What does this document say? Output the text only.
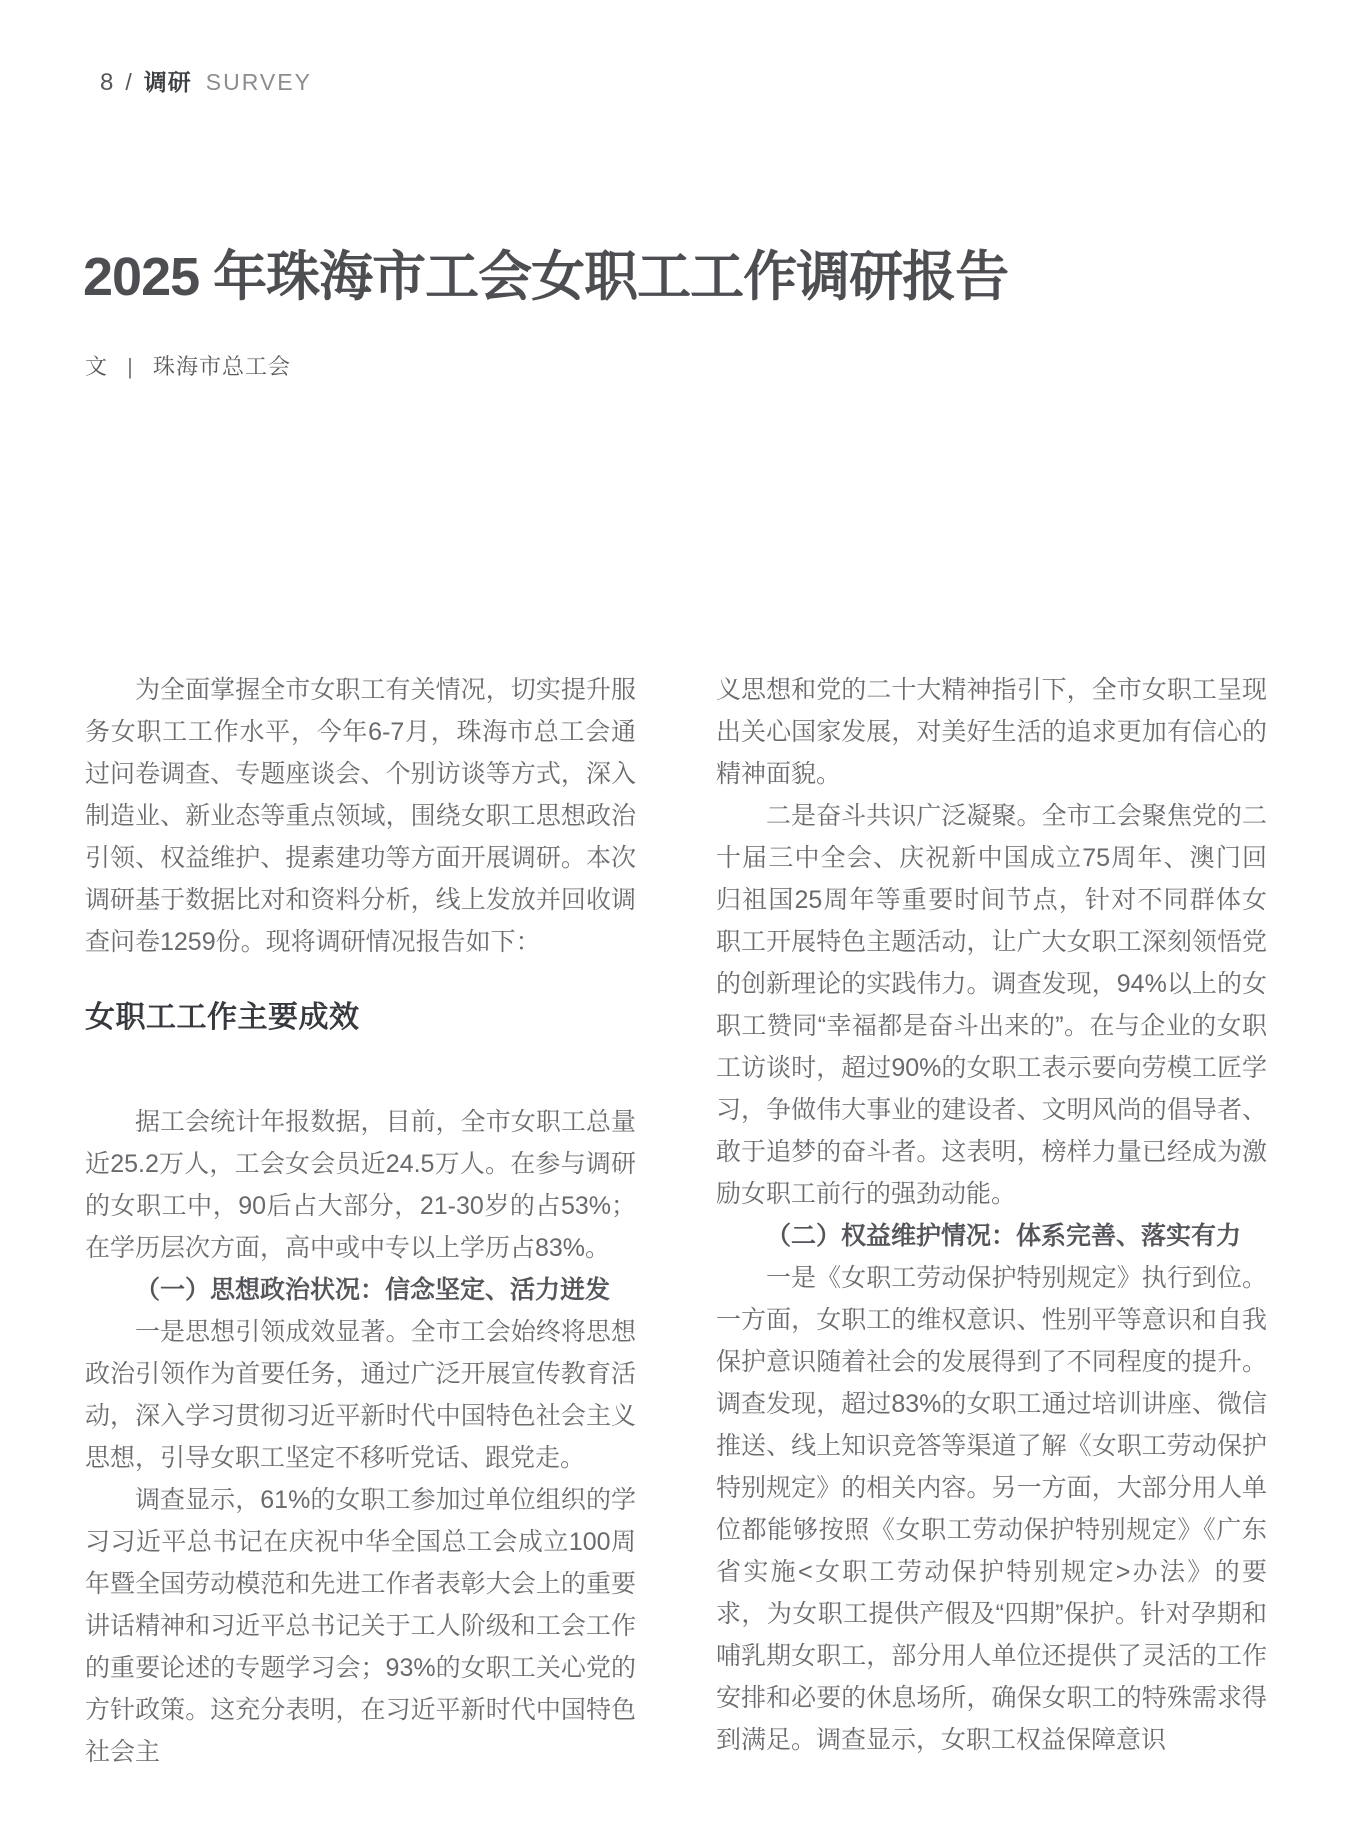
8 / 调研 SURVEY
2025 年珠海市工会女职工工作调研报告
文 | 珠海市总工会

为全面掌握全市女职工有关情况，切实提升服务女职工工作水平，今年6-7月，珠海市总工会通过问卷调查、专题座谈会、个别访谈等方式，深入制造业、新业态等重点领域，围绕女职工思想政治引领、权益维护、提素建功等方面开展调研。本次调研基于数据比对和资料分析，线上发放并回收调查问卷1259份。现将调研情况报告如下：

女职工工作主要成效

据工会统计年报数据，目前，全市女职工总量近25.2万人，工会女会员近24.5万人。在参与调研的女职工中，90后占大部分，21-30岁的占53%；在学历层次方面，高中或中专以上学历占83%。

（一）思想政治状况：信念坚定、活力迸发

一是思想引领成效显著。全市工会始终将思想政治引领作为首要任务，通过广泛开展宣传教育活动，深入学习贯彻习近平新时代中国特色社会主义思想，引导女职工坚定不移听党话、跟党走。

调查显示，61%的女职工参加过单位组织的学习习近平总书记在庆祝中华全国总工会成立100周年暨全国劳动模范和先进工作者表彰大会上的重要讲话精神和习近平总书记关于工人阶级和工会工作的重要论述的专题学习会；93%的女职工关心党的方针政策。这充分表明，在习近平新时代中国特色社会主

义思想和党的二十大精神指引下，全市女职工呈现出关心国家发展，对美好生活的追求更加有信心的精神面貌。

二是奋斗共识广泛凝聚。全市工会聚焦党的二十届三中全会、庆祝新中国成立75周年、澳门回归祖国25周年等重要时间节点，针对不同群体女职工开展特色主题活动，让广大女职工深刻领悟党的创新理论的实践伟力。调查发现，94%以上的女职工赞同“幸福都是奋斗出来的”。在与企业的女职工访谈时，超过90%的女职工表示要向劳模工匠学习，争做伟大事业的建设者、文明风尚的倡导者、敢于追梦的奋斗者。这表明，榜样力量已经成为激励女职工前行的强劲动能。

（二）权益维护情况：体系完善、落实有力

一是《女职工劳动保护特别规定》执行到位。一方面，女职工的维权意识、性别平等意识和自我保护意识随着社会的发展得到了不同程度的提升。调查发现，超过83%的女职工通过培训讲座、微信推送、线上知识竞答等渠道了解《女职工劳动保护特别规定》的相关内容。另一方面，大部分用人单位都能够按照《女职工劳动保护特别规定》《广东省实施<女职工劳动保护特别规定>办法》的要求，为女职工提供产假及“四期”保护。针对孕期和哺乳期女职工，部分用人单位还提供了灵活的工作安排和必要的休息场所，确保女职工的特殊需求得到满足。调查显示，女职工权益保障意识
